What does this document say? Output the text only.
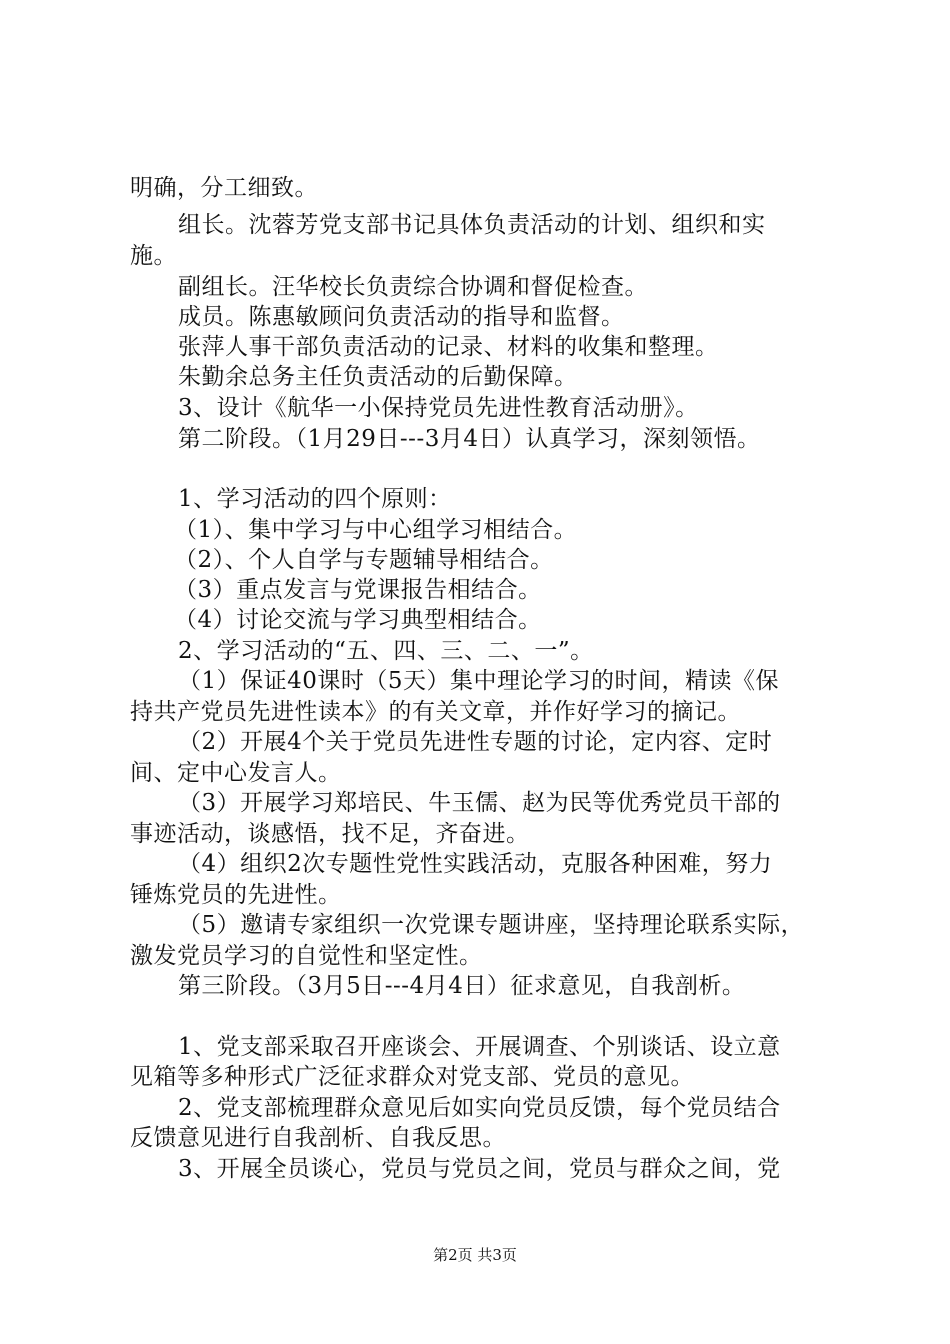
明确，分工细致。
组长。沈蓉芳党支部书记具体负责活动的计划、组织和实
施。
副组长。汪华校长负责综合协调和督促检查。
成员。陈惠敏顾问负责活动的指导和监督。
张萍人事干部负责活动的记录、材料的收集和整理。
朱勤余总务主任负责活动的后勤保障。
3、设计《航华一小保持党员先进性教育活动册》。
第二阶段。（1月29日---3月4日）认真学习，深刻领悟。
1、学习活动的四个原则：
（1）、集中学习与中心组学习相结合。
（2）、个人自学与专题辅导相结合。
（3）重点发言与党课报告相结合。
（4）讨论交流与学习典型相结合。
2、学习活动的“五、四、三、二、一”。
（1）保证40课时（5天）集中理论学习的时间，精读《保
持共产党员先进性读本》的有关文章，并作好学习的摘记。
（2）开展4个关于党员先进性专题的讨论，定内容、定时
间、定中心发言人。
（3）开展学习郑培民、牛玉儒、赵为民等优秀党员干部的
事迹活动，谈感悟，找不足，齐奋进。
（4）组织2次专题性党性实践活动，克服各种困难，努力
锤炼党员的先进性。
（5）邀请专家组织一次党课专题讲座，坚持理论联系实际，
激发党员学习的自觉性和坚定性。
第三阶段。（3月5日---4月4日）征求意见，自我剖析。
1、党支部采取召开座谈会、开展调查、个别谈话、设立意
见箱等多种形式广泛征求群众对党支部、党员的意见。
2、党支部梳理群众意见后如实向党员反馈，每个党员结合
反馈意见进行自我剖析、自我反思。
3、开展全员谈心，党员与党员之间，党员与群众之间，党
第2页 共3页
